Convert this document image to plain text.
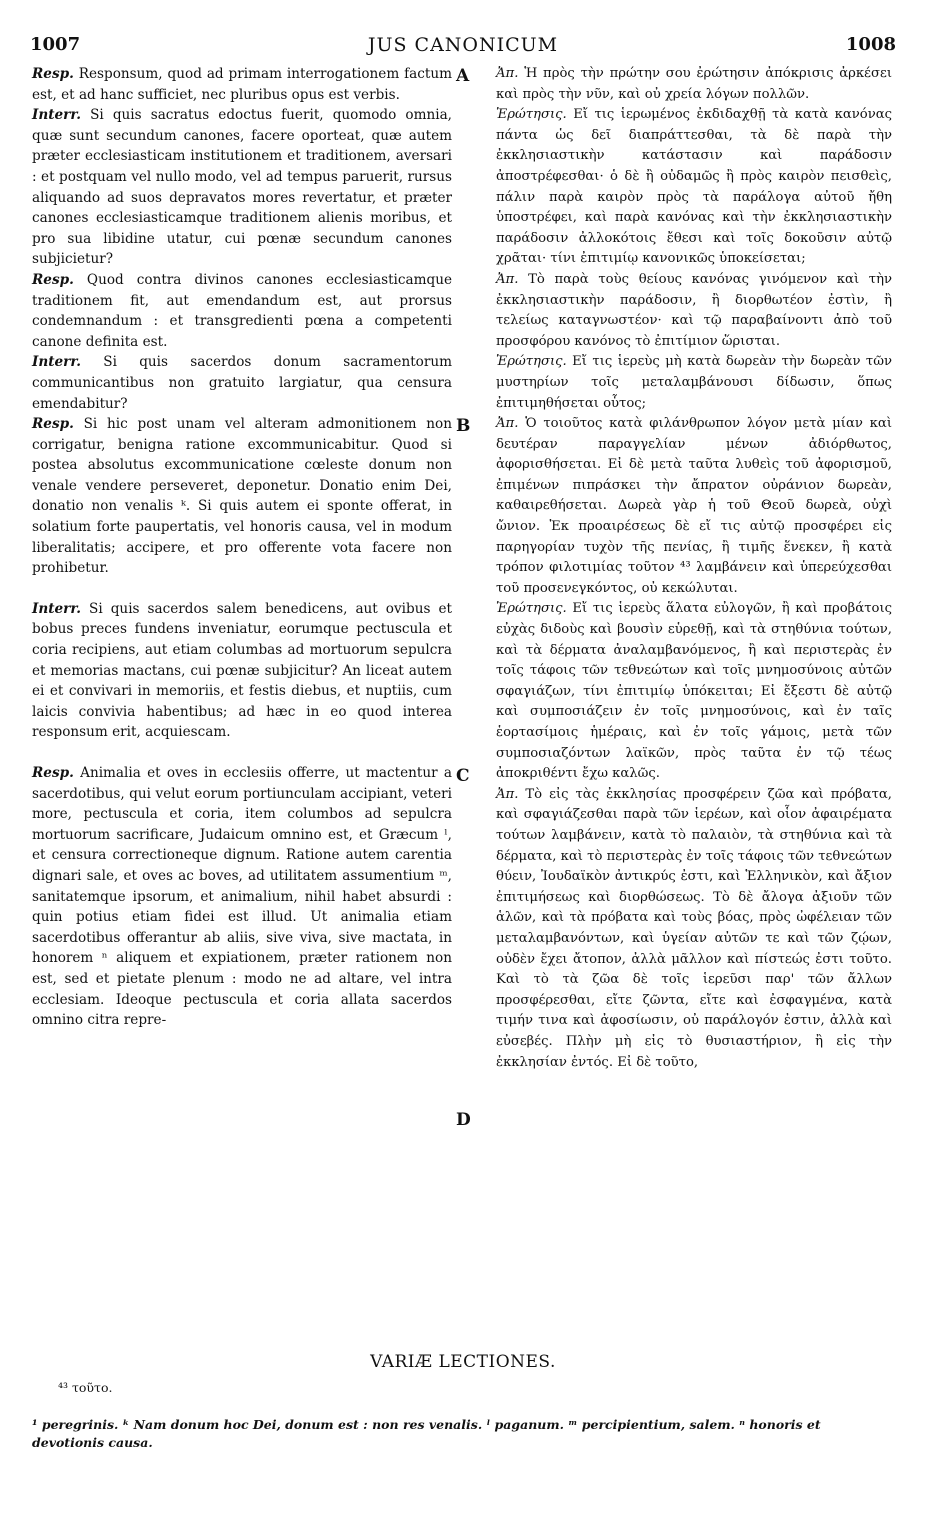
1007	JUS CANONICUM	1008
A
B
C
D

Resp. Responsum, quod ad primam interrogationem factum est, et ad hanc sufficiet, nec pluribus opus est verbis.

Interr. Si quis sacratus edoctus fuerit, quomodo omnia, quæ sunt secundum canones, facere oporteat, quæ autem præter ecclesiasticam institutionem et traditionem, aversari : et postquam vel nullo modo, vel ad tempus paruerit, rursus aliquando ad suos depravatos mores revertatur, et præter canones ecclesiasticamque traditionem alienis moribus, et pro sua libidine utatur, cui pœnæ secundum canones subjicietur?

Resp. Quod contra divinos canones ecclesiasticamque traditionem fit, aut emendandum est, aut prorsus condemnandum : et transgredienti pœna a competenti canone definita est.

Interr. Si quis sacerdos donum sacramentorum communicantibus non gratuito largiatur, qua censura emendabitur?

Resp. Si hic post unam vel alteram admonitionem non corrigatur, benigna ratione excommunicabitur. Quod si postea absolutus excommunicatione cœleste donum non venale vendere perseveret, deponetur. Donatio enim Dei, donatio non venalis ᵏ. Si quis autem ei sponte offerat, in solatium forte paupertatis, vel honoris causa, vel in modum liberalitatis; accipere, et pro offerente vota facere non prohibetur.

Interr. Si quis sacerdos salem benedicens, aut ovibus et bobus preces fundens inveniatur, eorumque pectuscula et coria recipiens, aut etiam columbas ad mortuorum sepulcra et memorias mactans, cui pœnæ subjicitur? An liceat autem ei et convivari in memoriis, et festis diebus, et nuptiis, cum laicis convivia habentibus; ad hæc in eo quod interea responsum erit, acquiescam.

Resp. Animalia et oves in ecclesiis offerre, ut mactentur a sacerdotibus, qui velut eorum portiunculam accipiant, veteri more, pectuscula et coria, item columbos ad sepulcra mortuorum sacrificare, Judaicum omnino est, et Græcum ˡ, et censura correctioneque dignum. Ratione autem carentia dignari sale, et oves ac boves, ad utilitatem assumentium ᵐ, sanitatemque ipsorum, et animalium, nihil habet absurdi : quin potius etiam fidei est illud. Ut animalia etiam sacerdotibus offerantur ab aliis, sive viva, sive mactata, in honorem ⁿ aliquem et expiationem, præter rationem non est, sed et pietate plenum : modo ne ad altare, vel intra ecclesiam. Ideoque pectuscula et coria allata sacerdos omnino citra repre-

Ἀπ. Ἡ πρὸς τὴν πρώτην σου ἐρώτησιν ἀπόκρισις ἀρκέσει καὶ πρὸς τὴν νῦν, καὶ οὐ χρεία λόγων πολλῶν.

Ἐρώτησις. Εἴ τις ἱερωμένος ἐκδιδαχθῇ τὰ κατὰ κανόνας πάντα ὡς δεῖ διαπράττεσθαι, τὰ δὲ παρὰ τὴν ἐκκλησιαστικὴν κατάστασιν καὶ παράδοσιν ἀποστρέφεσθαι· ὁ δὲ ἢ οὐδαμῶς ἢ πρὸς καιρὸν πεισθεὶς, πάλιν παρὰ καιρὸν πρὸς τὰ παράλογα αὐτοῦ ἤθη ὑποστρέφει, καὶ παρὰ κανόνας καὶ τὴν ἐκκλησιαστικὴν παράδοσιν ἀλλοκότοις ἔθεσι καὶ τοῖς δοκοῦσιν αὐτῷ χρᾶται· τίνι ἐπιτιμίῳ κανονικῶς ὑποκείσεται;

Ἀπ. Τὸ παρὰ τοὺς θείους κανόνας γινόμενον καὶ τὴν ἐκκλησιαστικὴν παράδοσιν, ἢ διορθωτέον ἐστὶν, ἢ τελείως καταγνωστέον· καὶ τῷ παραβαίνοντι ἀπὸ τοῦ προσφόρου κανόνος τὸ ἐπιτίμιον ὥρισται.

Ἐρώτησις. Εἴ τις ἱερεὺς μὴ κατὰ δωρεὰν τὴν δωρεὰν τῶν μυστηρίων τοῖς μεταλαμβάνουσι δίδωσιν, ὅπως ἐπιτιμηθήσεται οὗτος;

Ἀπ. Ὁ τοιοῦτος κατὰ φιλάνθρωπον λόγον μετὰ μίαν καὶ δευτέραν παραγγελίαν μένων ἀδιόρθωτος, ἀφορισθήσεται. Εἰ δὲ μετὰ ταῦτα λυθεὶς τοῦ ἀφορισμοῦ, ἐπιμένων πιπράσκει τὴν ἄπρατον οὐράνιον δωρεὰν, καθαιρεθήσεται. Δωρεὰ γὰρ ἡ τοῦ Θεοῦ δωρεὰ, οὐχὶ ὤνιον. Ἐκ προαιρέσεως δὲ εἴ τις αὐτῷ προσφέρει εἰς παρηγορίαν τυχὸν τῆς πενίας, ἢ τιμῆς ἕνεκεν, ἢ κατὰ τρόπον φιλοτιμίας τοῦτον ⁴³ λαμβάνειν καὶ ὑπερεύχεσθαι τοῦ προσενεγκόντος, οὐ κεκώλυται.

Ἐρώτησις. Εἴ τις ἱερεὺς ἅλατα εὐλογῶν, ἢ καὶ προβάτοις εὐχὰς διδοὺς καὶ βουσὶν εὑρεθῇ, καὶ τὰ στηθύνια τούτων, καὶ τὰ δέρματα ἀναλαμβανόμενος, ἢ καὶ περιστερὰς ἐν τοῖς τάφοις τῶν τεθνεώτων καὶ τοῖς μνημοσύνοις αὐτῶν σφαγιάζων, τίνι ἐπιτιμίῳ ὑπόκειται; Εἰ ἔξεστι δὲ αὐτῷ καὶ συμποσιάζειν ἐν τοῖς μνημοσύνοις, καὶ ἐν ταῖς ἑορτασίμοις ἡμέραις, καὶ ἐν τοῖς γάμοις, μετὰ τῶν συμποσιαζόντων λαϊκῶν, πρὸς ταῦτα ἐν τῷ τέως ἀποκριθέντι ἔχω καλῶς.

Ἀπ. Τὸ εἰς τὰς ἐκκλησίας προσφέρειν ζῶα καὶ πρόβατα, καὶ σφαγιάζεσθαι παρὰ τῶν ἱερέων, καὶ οἷον ἀφαιρέματα τούτων λαμβάνειν, κατὰ τὸ παλαιὸν, τὰ στηθύνια καὶ τὰ δέρματα, καὶ τὸ περιστερὰς ἐν τοῖς τάφοις τῶν τεθνεώτων θύειν, Ἰουδαϊκὸν ἀντικρύς ἐστι, καὶ Ἑλληνικὸν, καὶ ἄξιον ἐπιτιμήσεως καὶ διορθώσεως. Τὸ δὲ ἄλογα ἀξιοῦν τῶν ἁλῶν, καὶ τὰ πρόβατα καὶ τοὺς βόας, πρὸς ὠφέλειαν τῶν μεταλαμβανόντων, καὶ ὑγείαν αὐτῶν τε καὶ τῶν ζῴων, οὐδὲν ἔχει ἄτοπον, ἀλλὰ μᾶλλον καὶ πίστεώς ἐστι τοῦτο. Καὶ τὸ τὰ ζῶα δὲ τοῖς ἱερεῦσι παρ' τῶν ἄλλων προσφέρεσθαι, εἴτε ζῶντα, εἴτε καὶ ἐσφαγμένα, κατὰ τιμήν τινα καὶ ἀφοσίωσιν, οὐ παράλογόν ἐστιν, ἀλλὰ καὶ εὐσεβές. Πλὴν μὴ εἰς τὸ θυσιαστήριον, ἢ εἰς τὴν ἐκκλησίαν ἐντός. Εἰ δὲ τοῦτο,

VARIÆ LECTIONES.
⁴³ τοῦτο.
¹ peregrinis. ᵏ Nam donum hoc Dei, donum est : non res venalis. ˡ paganum. ᵐ percipientium, salem. ⁿ honoris et devotionis causa.
